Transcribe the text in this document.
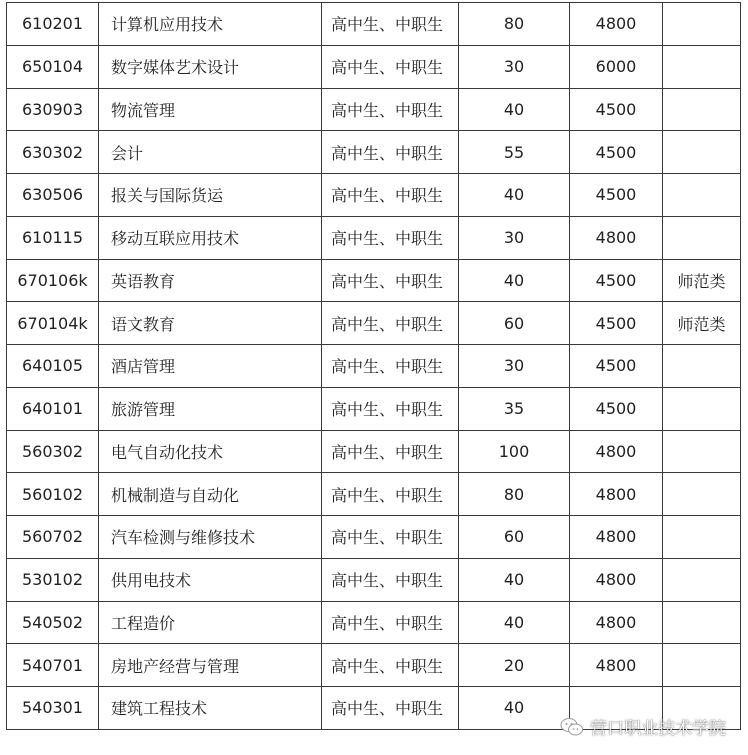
610201	计算机应用技术	高中生、中职生	80	4800	
650104	数字媒体艺术设计	高中生、中职生	30	6000	
630903	物流管理	高中生、中职生	40	4500	
630302	会计	高中生、中职生	55	4500	
630506	报关与国际货运	高中生、中职生	40	4500	
610115	移动互联应用技术	高中生、中职生	30	4800	
670106k	英语教育	高中生、中职生	40	4500	师范类
670104k	语文教育	高中生、中职生	60	4500	师范类
640105	酒店管理	高中生、中职生	30	4500	
640101	旅游管理	高中生、中职生	35	4500	
560302	电气自动化技术	高中生、中职生	100	4800	
560102	机械制造与自动化	高中生、中职生	80	4800	
560702	汽车检测与维修技术	高中生、中职生	60	4800	
530102	供用电技术	高中生、中职生	40	4800	
540502	工程造价	高中生、中职生	40	4800	
540701	房地产经营与管理	高中生、中职生	20	4800	
540301	建筑工程技术	高中生、中职生	40		
营口职业技术学院
